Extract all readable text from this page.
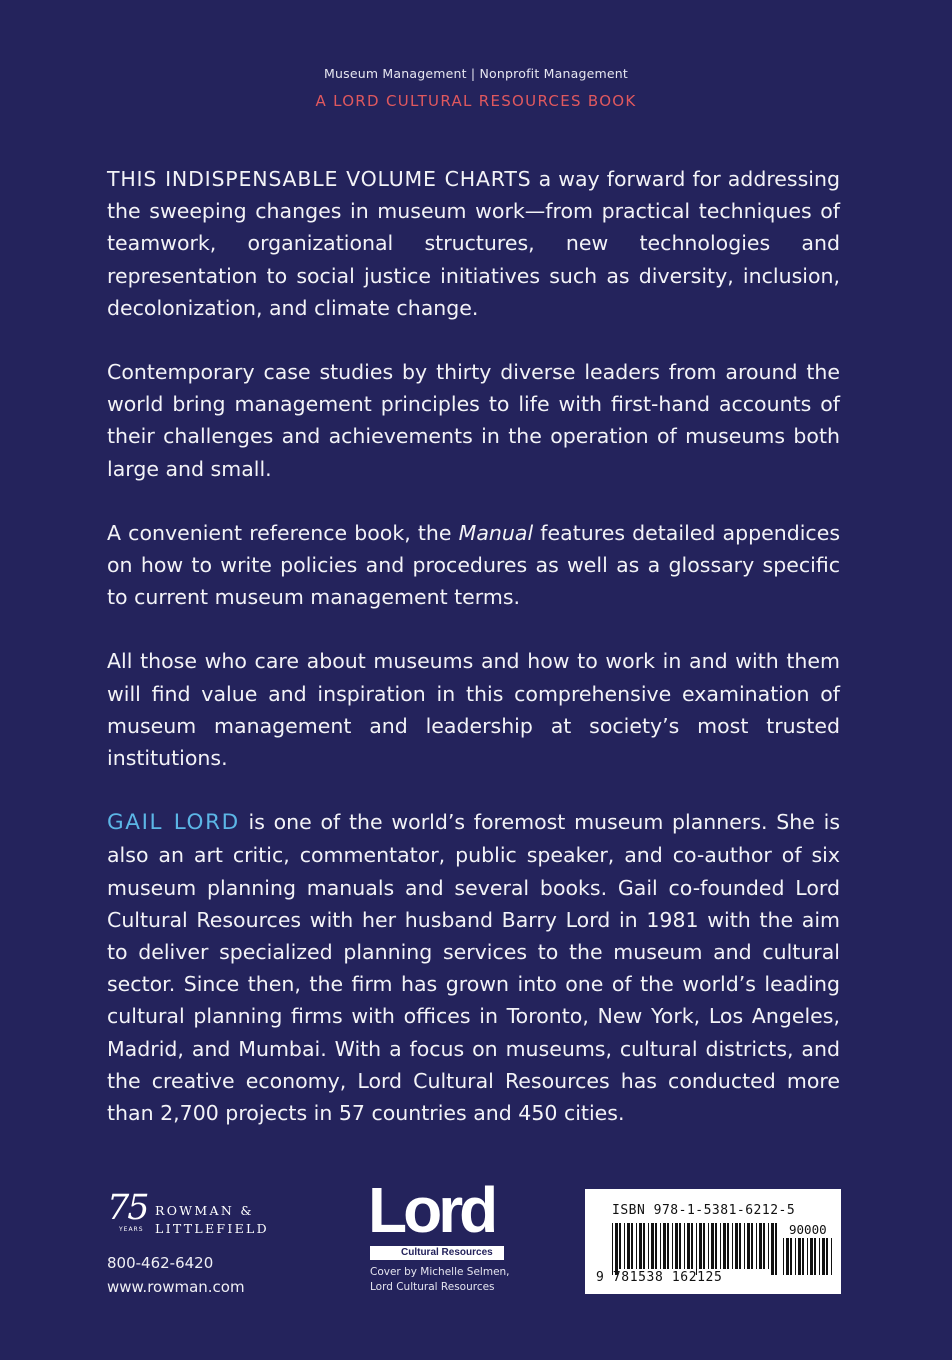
Museum Management | Nonprofit Management
A LORD CULTURAL RESOURCES BOOK

THIS INDISPENSABLE VOLUME CHARTS a way forward for addressing the sweeping changes in museum work—from practical techniques of teamwork, organizational structures, new technologies and representation to social justice initiatives such as diversity, inclusion, decolonization, and climate change.

Contemporary case studies by thirty diverse leaders from around the world bring management principles to life with first-hand accounts of their challenges and achievements in the operation of museums both large and small.

A convenient reference book, the Manual features detailed appendices on how to write policies and procedures as well as a glossary specific to current museum management terms.

All those who care about museums and how to work in and with them will find value and inspiration in this comprehensive examination of museum management and leadership at society’s most trusted institutions.

GAIL LORD is one of the world’s foremost museum planners. She is also an art critic, commentator, public speaker, and co-author of six museum planning manuals and several books. Gail co-founded Lord Cultural Resources with her husband Barry Lord in 1981 with the aim to deliver specialized planning services to the museum and cultural sector. Since then, the firm has grown into one of the world’s leading cultural planning firms with offices in Toronto, New York, Los Angeles, Madrid, and Mumbai. With a focus on museums, cultural districts, and the creative economy, Lord Cultural Resources has conducted more than 2,700 projects in 57 countries and 450 cities.

75
YEARS
ROWMAN &
LITTLEFIELD
800-462-6420
www.rowman.com
Lord
Cultural Resources
Cover by Michelle Selmen,
Lord Cultural Resources
ISBN 978-1-5381-6212-5
90000
9 781538 162125
